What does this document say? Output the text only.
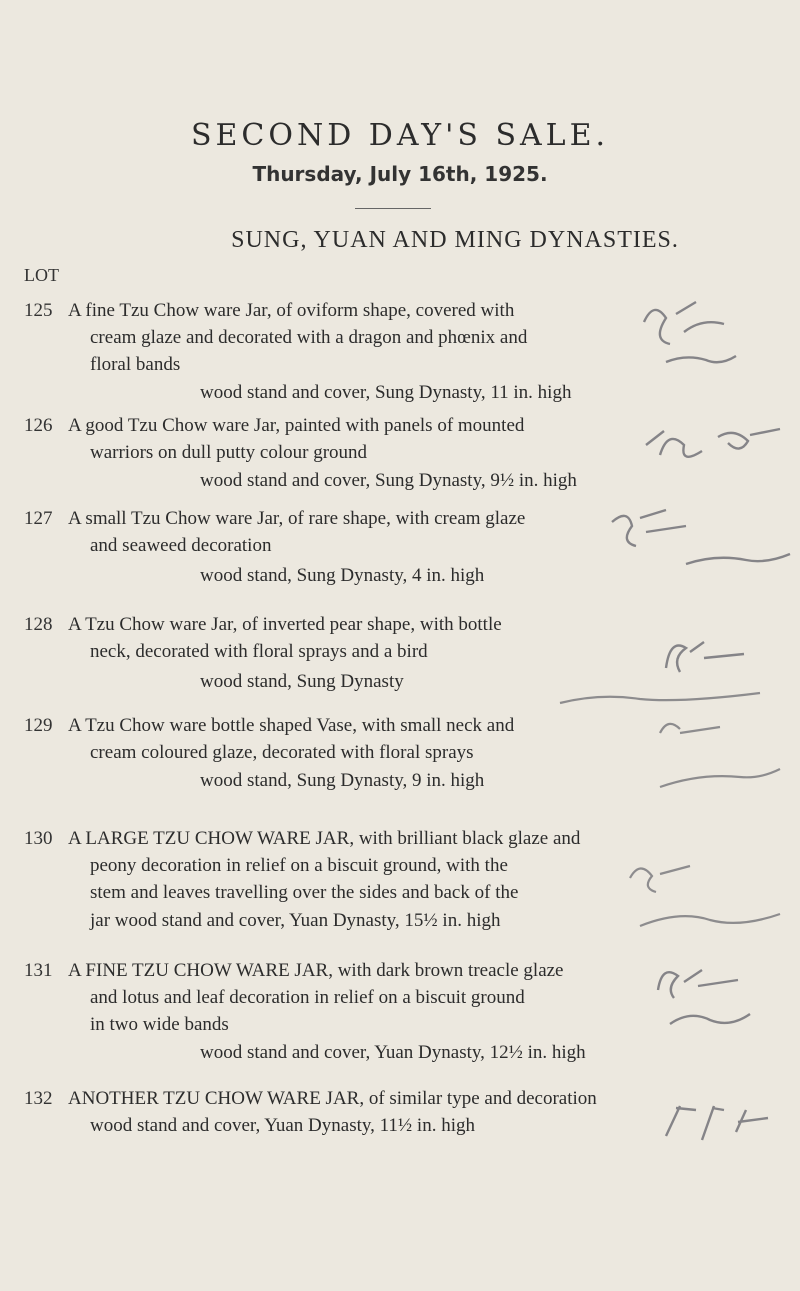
SECOND DAY'S SALE.
Thursday, July 16th, 1925.
SUNG, YUAN AND MING DYNASTIES.
LOT
125 A fine Tzu Chow ware Jar, of oviform shape, covered with
cream glaze and decorated with a dragon and phœnix and
floral bands
wood stand and cover, Sung Dynasty, 11 in. high
126 A good Tzu Chow ware Jar, painted with panels of mounted
warriors on dull putty colour ground
wood stand and cover, Sung Dynasty, 9½ in. high
127 A small Tzu Chow ware Jar, of rare shape, with cream glaze
and seaweed decoration
wood stand, Sung Dynasty, 4 in. high
128 A Tzu Chow ware Jar, of inverted pear shape, with bottle
neck, decorated with floral sprays and a bird
wood stand, Sung Dynasty
129 A Tzu Chow ware bottle shaped Vase, with small neck and
cream coloured glaze, decorated with floral sprays
wood stand, Sung Dynasty, 9 in. high
130 A LARGE TZU CHOW WARE JAR, with brilliant black glaze and
peony decoration in relief on a biscuit ground, with the
stem and leaves travelling over the sides and back of the
jar wood stand and cover, Yuan Dynasty, 15½ in. high
131 A FINE TZU CHOW WARE JAR, with dark brown treacle glaze
and lotus and leaf decoration in relief on a biscuit ground
in two wide bands
wood stand and cover, Yuan Dynasty, 12½ in. high
132 ANOTHER TZU CHOW WARE JAR, of similar type and decoration
wood stand and cover, Yuan Dynasty, 11½ in. high
